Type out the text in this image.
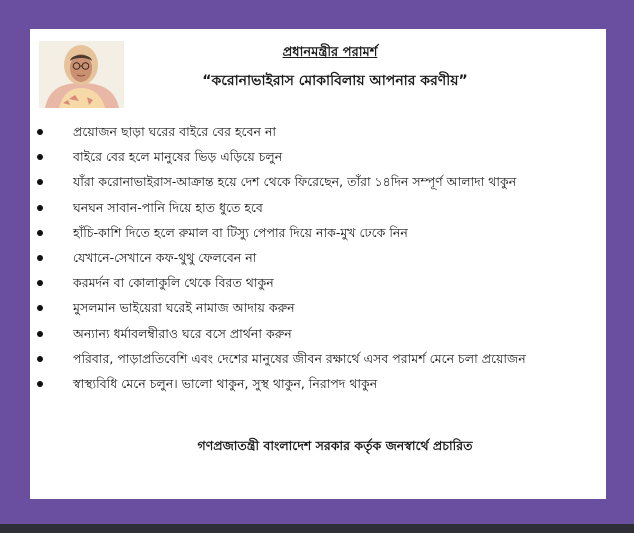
প্রধানমন্ত্রীর পরামর্শ
“করোনাভাইরাস মোকাবিলায় আপনার করণীয়”
প্রয়োজন ছাড়া ঘরের বাইরে বের হবেন না
বাইরে বের হলে মানুষের ভিড় এড়িয়ে চলুন
যাঁরা করোনাভাইরাস-আক্রান্ত হয়ে দেশ থেকে ফিরেছেন, তাঁরা ১৪দিন সম্পূর্ণ আলাদা থাকুন
ঘনঘন সাবান-পানি দিয়ে হাত ধুতে হবে
হাঁচি-কাশি দিতে হলে রুমাল বা টিস্যু পেপার দিয়ে নাক-মুখ ঢেকে নিন
যেখানে-সেখানে কফ-থুথু ফেলবেন না
করমর্দন বা কোলাকুলি থেকে বিরত থাকুন
মুসলমান ভাইয়েরা ঘরেই নামাজ আদায় করুন
অন্যান্য ধর্মাবলম্বীরাও ঘরে বসে প্রার্থনা করুন
পরিবার, পাড়াপ্রতিবেশি এবং দেশের মানুষের জীবন রক্ষার্থে এসব পরামর্শ মেনে চলা প্রয়োজন
স্বাস্থ্যবিধি মেনে চলুন। ভালো থাকুন, সুস্থ থাকুন, নিরাপদ থাকুন
গণপ্রজাতন্ত্রী বাংলাদেশ সরকার কর্তৃক জনস্বার্থে প্রচারিত
